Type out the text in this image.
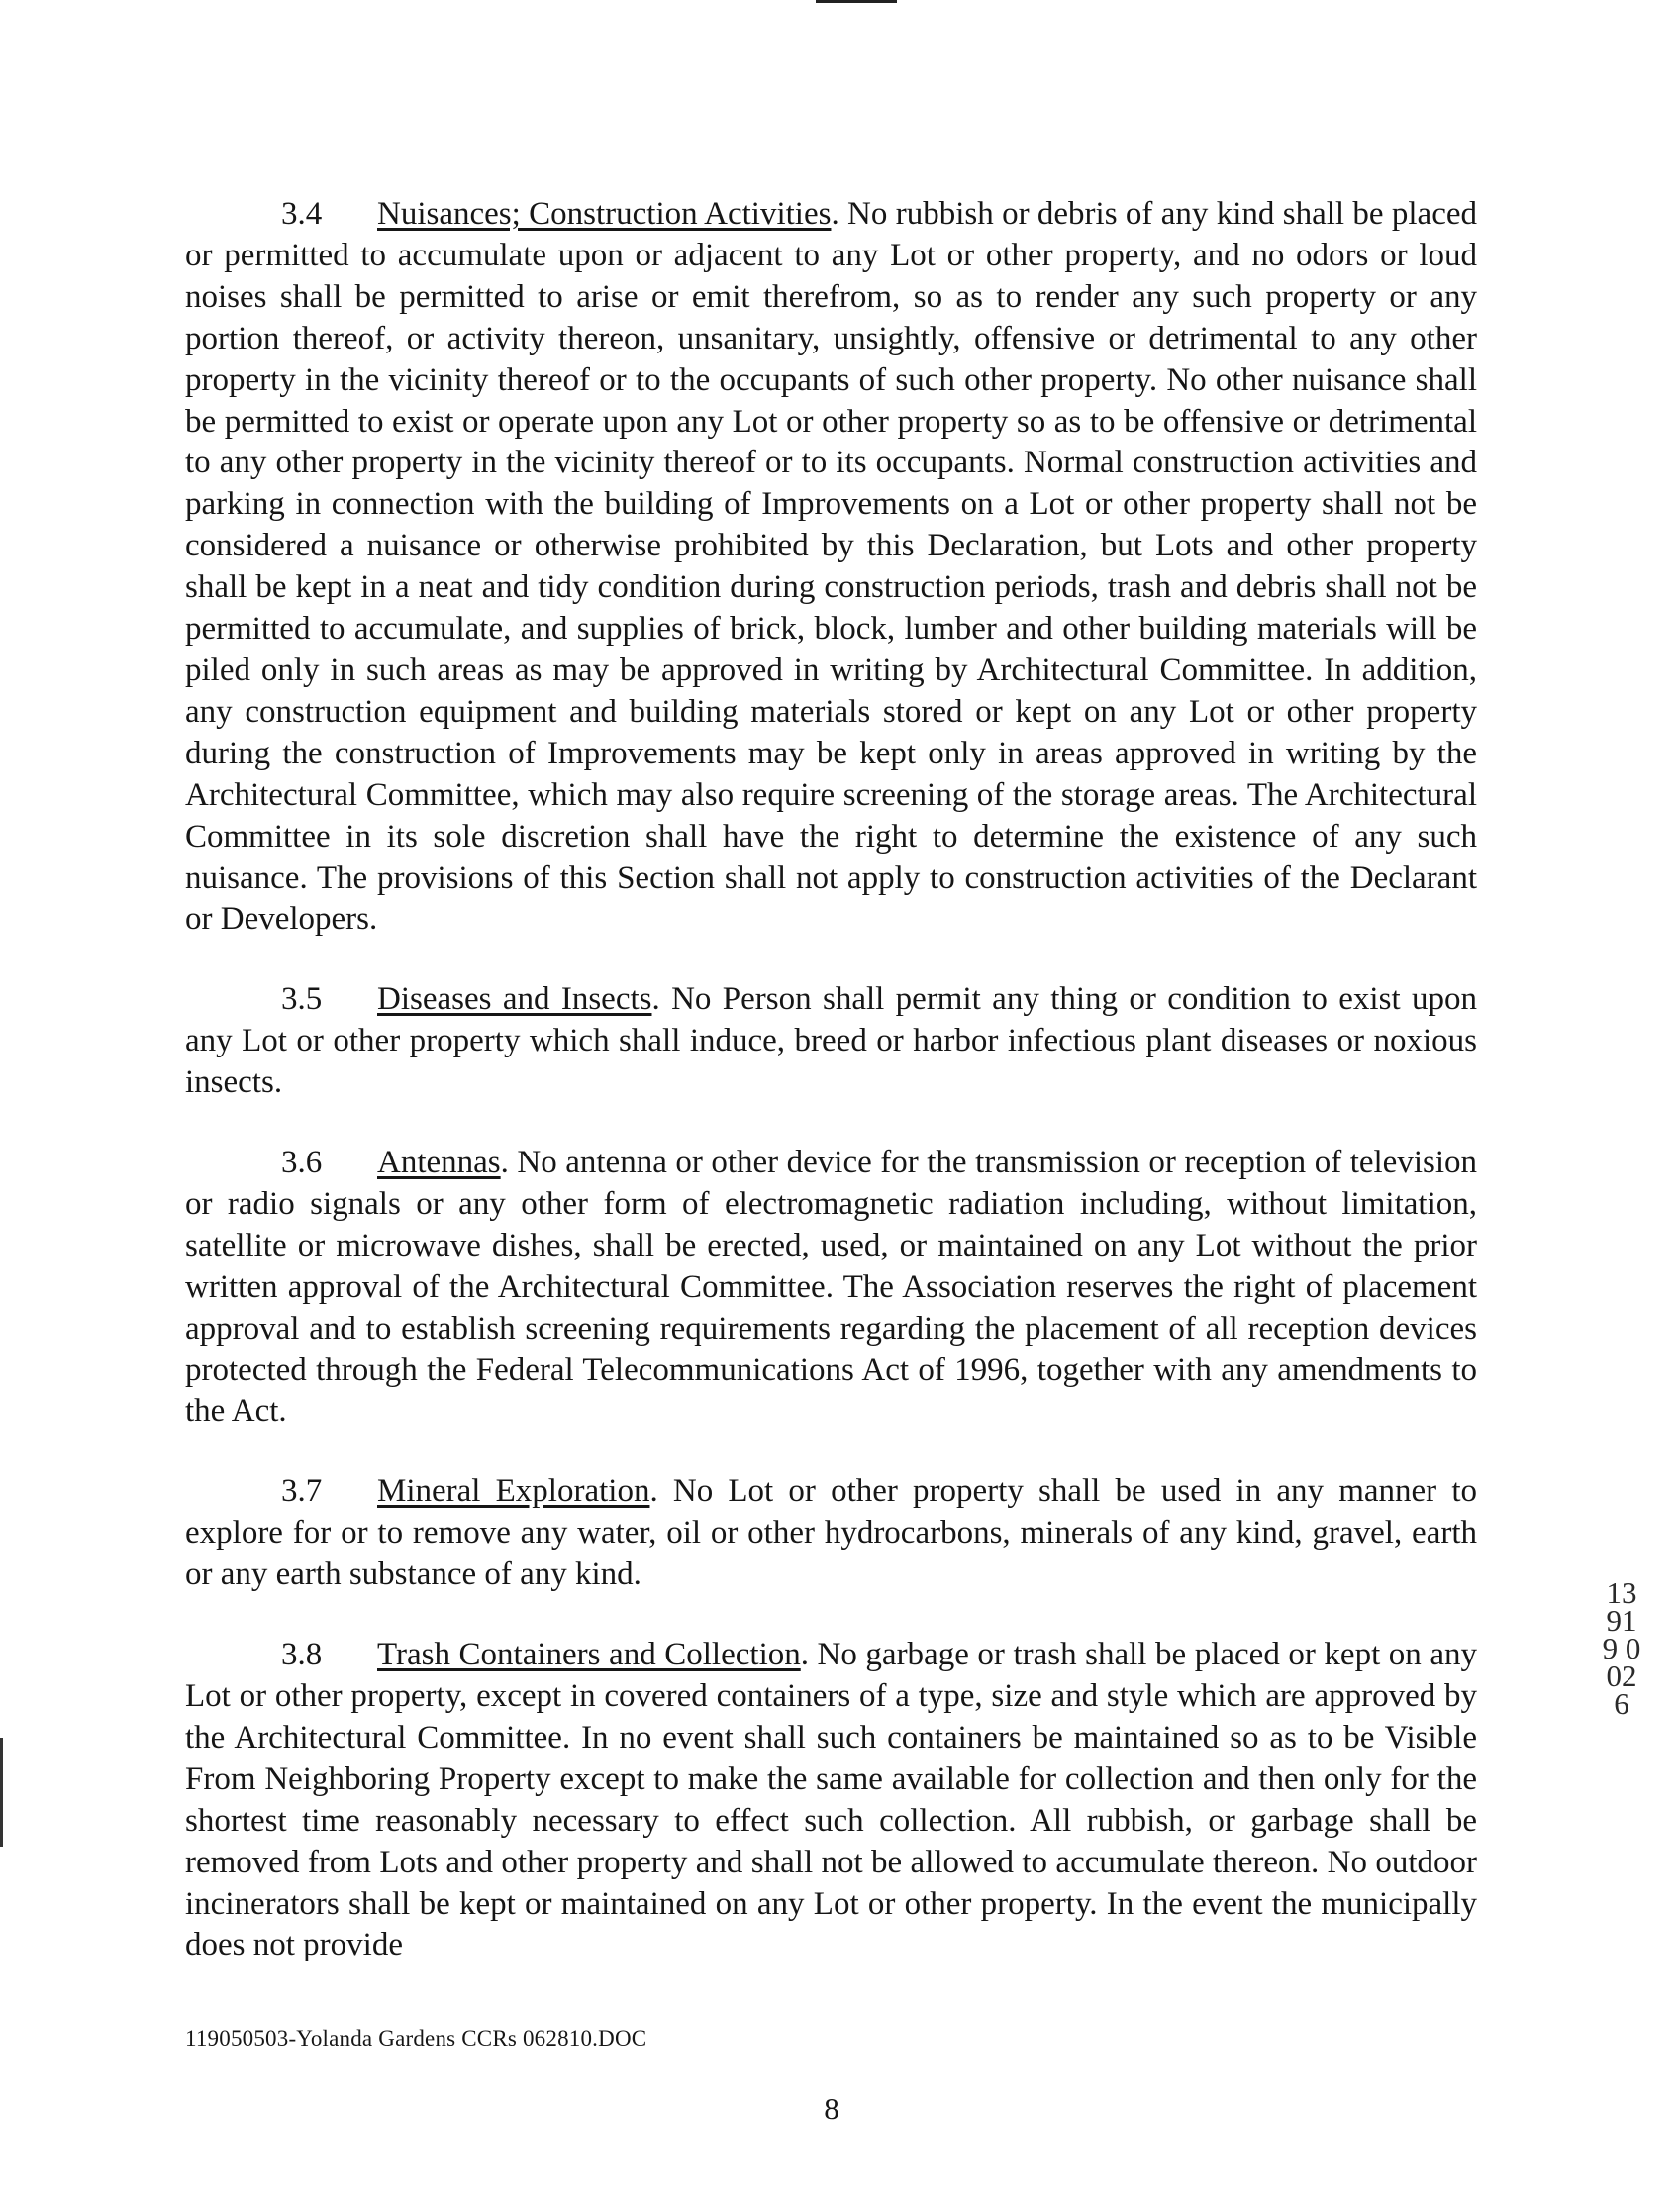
3.4 Nuisances; Construction Activities. No rubbish or debris of any kind shall be placed or permitted to accumulate upon or adjacent to any Lot or other property, and no odors or loud noises shall be permitted to arise or emit therefrom, so as to render any such property or any portion thereof, or activity thereon, unsanitary, unsightly, offensive or detrimental to any other property in the vicinity thereof or to the occupants of such other property. No other nuisance shall be permitted to exist or operate upon any Lot or other property so as to be offensive or detrimental to any other property in the vicinity thereof or to its occupants. Normal construction activities and parking in connection with the building of Improvements on a Lot or other property shall not be considered a nuisance or otherwise prohibited by this Declaration, but Lots and other property shall be kept in a neat and tidy condition during construction periods, trash and debris shall not be permitted to accumulate, and supplies of brick, block, lumber and other building materials will be piled only in such areas as may be approved in writing by Architectural Committee. In addition, any construction equipment and building materials stored or kept on any Lot or other property during the construction of Improvements may be kept only in areas approved in writing by the Architectural Committee, which may also require screening of the storage areas. The Architectural Committee in its sole discretion shall have the right to determine the existence of any such nuisance. The provisions of this Section shall not apply to construction activities of the Declarant or Developers.

3.5 Diseases and Insects. No Person shall permit any thing or condition to exist upon any Lot or other property which shall induce, breed or harbor infectious plant diseases or noxious insects.

3.6 Antennas. No antenna or other device for the transmission or reception of television or radio signals or any other form of electromagnetic radiation including, without limitation, satellite or microwave dishes, shall be erected, used, or maintained on any Lot without the prior written approval of the Architectural Committee. The Association reserves the right of placement approval and to establish screening requirements regarding the placement of all reception devices protected through the Federal Telecommunications Act of 1996, together with any amendments to the Act.

3.7 Mineral Exploration. No Lot or other property shall be used in any manner to explore for or to remove any water, oil or other hydrocarbons, minerals of any kind, gravel, earth or any earth substance of any kind.

3.8 Trash Containers and Collection. No garbage or trash shall be placed or kept on any Lot or other property, except in covered containers of a type, size and style which are approved by the Architectural Committee. In no event shall such containers be maintained so as to be Visible From Neighboring Property except to make the same available for collection and then only for the shortest time reasonably necessary to effect such collection. All rubbish, or garbage shall be removed from Lots and other property and shall not be allowed to accumulate thereon. No outdoor incinerators shall be kept or maintained on any Lot or other property. In the event the municipally does not provide

119050503-Yolanda Gardens CCRs 062810.DOC
8
13919 0026
